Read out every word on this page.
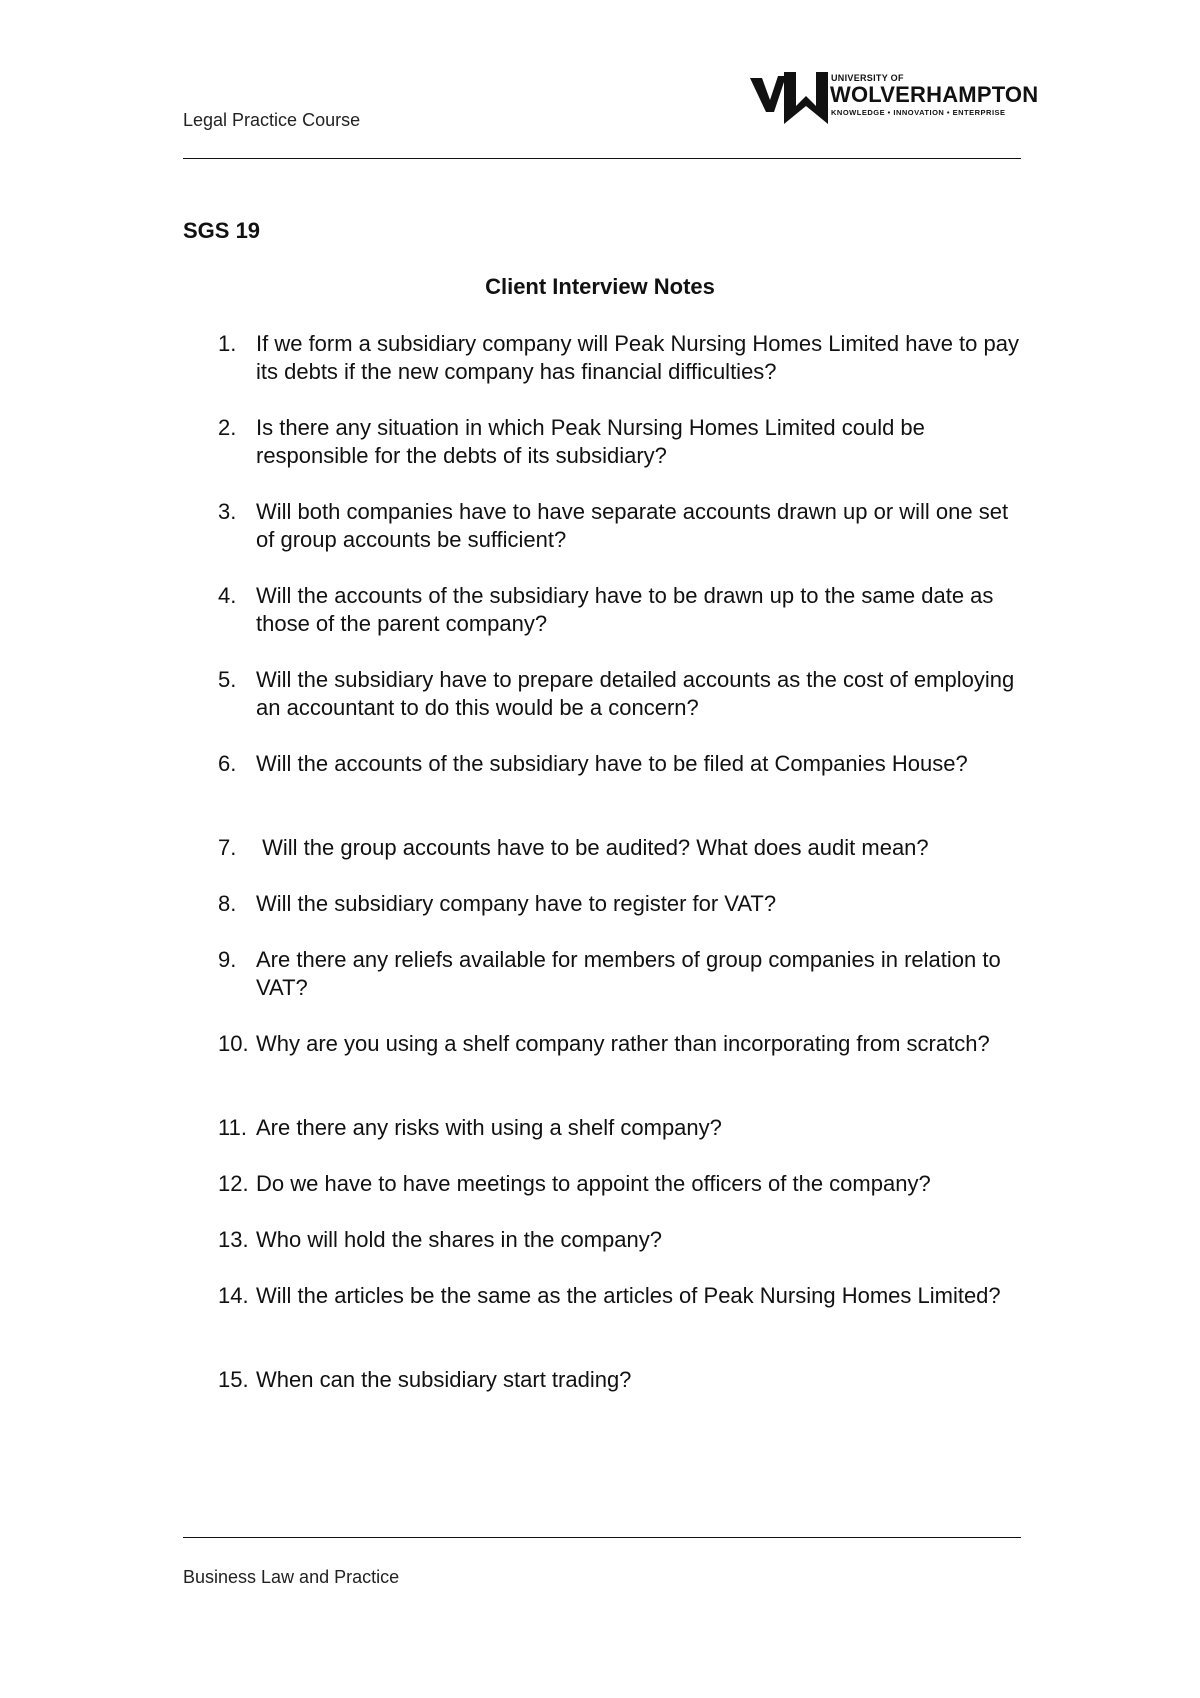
Legal Practice Course
UNIVERSITY OF
WOLVERHAMPTON
KNOWLEDGE • INNOVATION • ENTERPRISE
SGS 19
Client Interview Notes
1. If we form a subsidiary company will Peak Nursing Homes Limited have to pay its debts if the new company has financial difficulties?
2. Is there any situation in which Peak Nursing Homes Limited could be responsible for the debts of its subsidiary?
3. Will both companies have to have separate accounts drawn up or will one set of group accounts be sufficient?
4. Will the accounts of the subsidiary have to be drawn up to the same date as those of the parent company?
5. Will the subsidiary have to prepare detailed accounts as the cost of employing an accountant to do this would be a concern?
6. Will the accounts of the subsidiary have to be filed at Companies House?
7. Will the group accounts have to be audited? What does audit mean?
8. Will the subsidiary company have to register for VAT?
9. Are there any reliefs available for members of group companies in relation to VAT?
10. Why are you using a shelf company rather than incorporating from scratch?
11. Are there any risks with using a shelf company?
12. Do we have to have meetings to appoint the officers of the company?
13. Who will hold the shares in the company?
14. Will the articles be the same as the articles of Peak Nursing Homes Limited?
15. When can the subsidiary start trading?
Business Law and Practice
